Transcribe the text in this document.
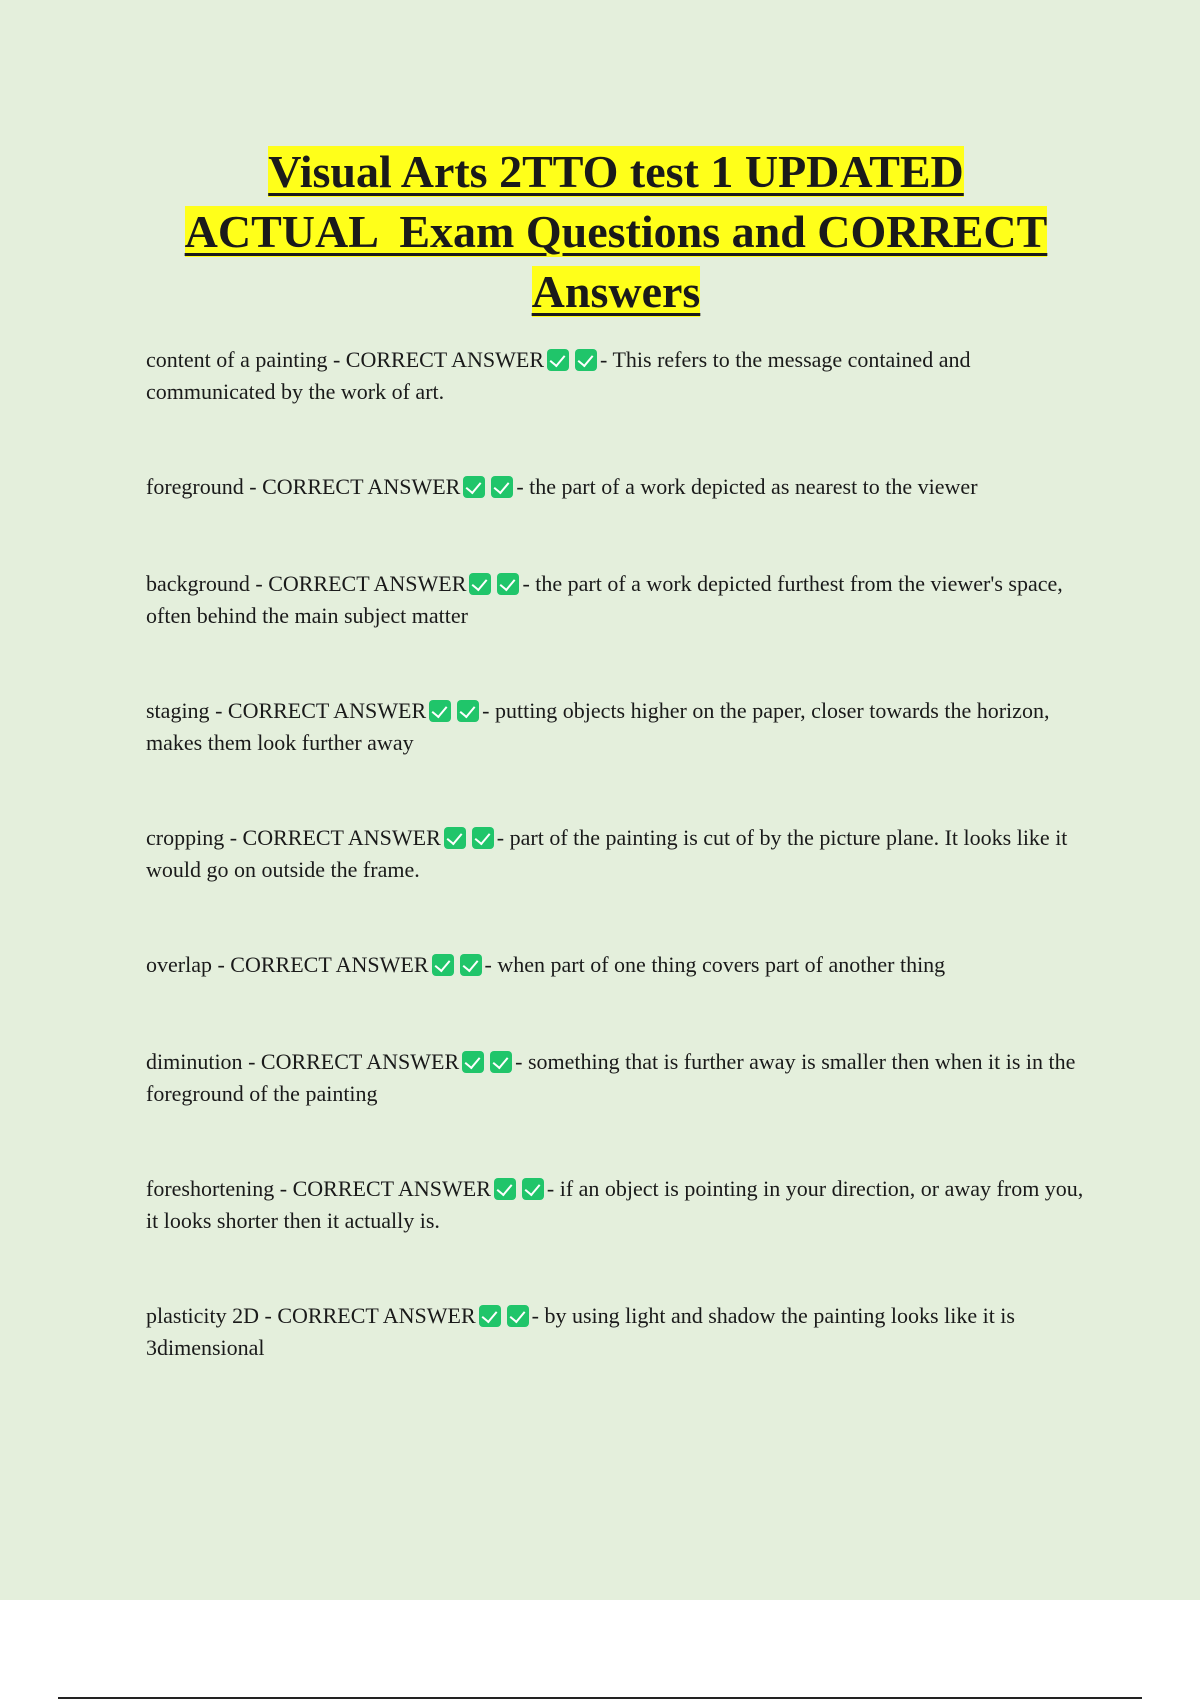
Visual Arts 2TTO test 1 UPDATED
ACTUAL  Exam Questions and CORRECT
Answers

content of a painting - CORRECT ANSWER	- This refers to the message contained and communicated by the work of art.

foreground - CORRECT ANSWER	- the part of a work depicted as nearest to the viewer

background - CORRECT ANSWER	- the part of a work depicted furthest from the viewer's space, often behind the main subject matter

staging - CORRECT ANSWER	- putting objects higher on the paper, closer towards the horizon, makes them look further away

cropping - CORRECT ANSWER	- part of the painting is cut of by the picture plane. It looks like it would go on outside the frame.

overlap - CORRECT ANSWER	- when part of one thing covers part of another thing

diminution - CORRECT ANSWER	- something that is further away is smaller then when it is in the foreground of the painting

foreshortening - CORRECT ANSWER	- if an object is pointing in your direction, or away from you, it looks shorter then it actually is.

plasticity 2D - CORRECT ANSWER	- by using light and shadow the painting looks like it is 3dimensional
